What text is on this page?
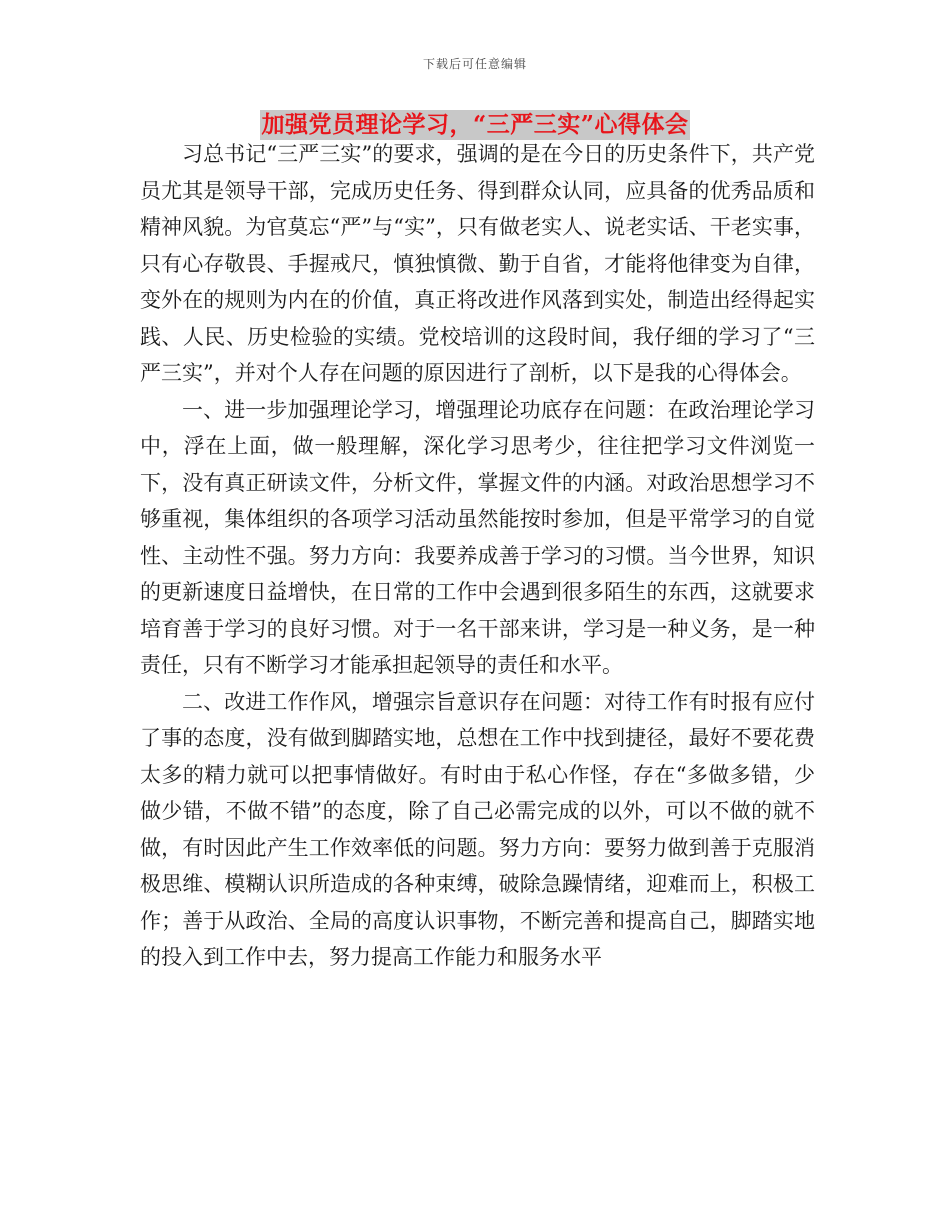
下载后可任意编辑
加强党员理论学习，“三严三实”心得体会

习总书记“三严三实”的要求，强调的是在今日的历史条件下，共产党员尤其是领导干部，完成历史任务、得到群众认同，应具备的优秀品质和精神风貌。为官莫忘“严”与“实”，只有做老实人、说老实话、干老实事，只有心存敬畏、手握戒尺，慎独慎微、勤于自省，才能将他律变为自律，变外在的规则为内在的价值，真正将改进作风落到实处，制造出经得起实践、人民、历史检验的实绩。党校培训的这段时间，我仔细的学习了“三严三实”，并对个人存在问题的原因进行了剖析，以下是我的心得体会。

一、进一步加强理论学习，增强理论功底存在问题：在政治理论学习中，浮在上面，做一般理解，深化学习思考少，往往把学习文件浏览一下，没有真正研读文件，分析文件，掌握文件的内涵。对政治思想学习不够重视，集体组织的各项学习活动虽然能按时参加，但是平常学习的自觉性、主动性不强。努力方向：我要养成善于学习的习惯。当今世界，知识的更新速度日益增快，在日常的工作中会遇到很多陌生的东西，这就要求培育善于学习的良好习惯。对于一名干部来讲，学习是一种义务，是一种责任，只有不断学习才能承担起领导的责任和水平。

二、改进工作作风，增强宗旨意识存在问题：对待工作有时报有应付了事的态度，没有做到脚踏实地，总想在工作中找到捷径，最好不要花费太多的精力就可以把事情做好。有时由于私心作怪，存在“多做多错，少做少错，不做不错”的态度，除了自己必需完成的以外，可以不做的就不做，有时因此产生工作效率低的问题。努力方向：要努力做到善于克服消极思维、模糊认识所造成的各种束缚，破除急躁情绪，迎难而上，积极工作；善于从政治、全局的高度认识事物，不断完善和提高自己，脚踏实地的投入到工作中去，努力提高工作能力和服务水平
